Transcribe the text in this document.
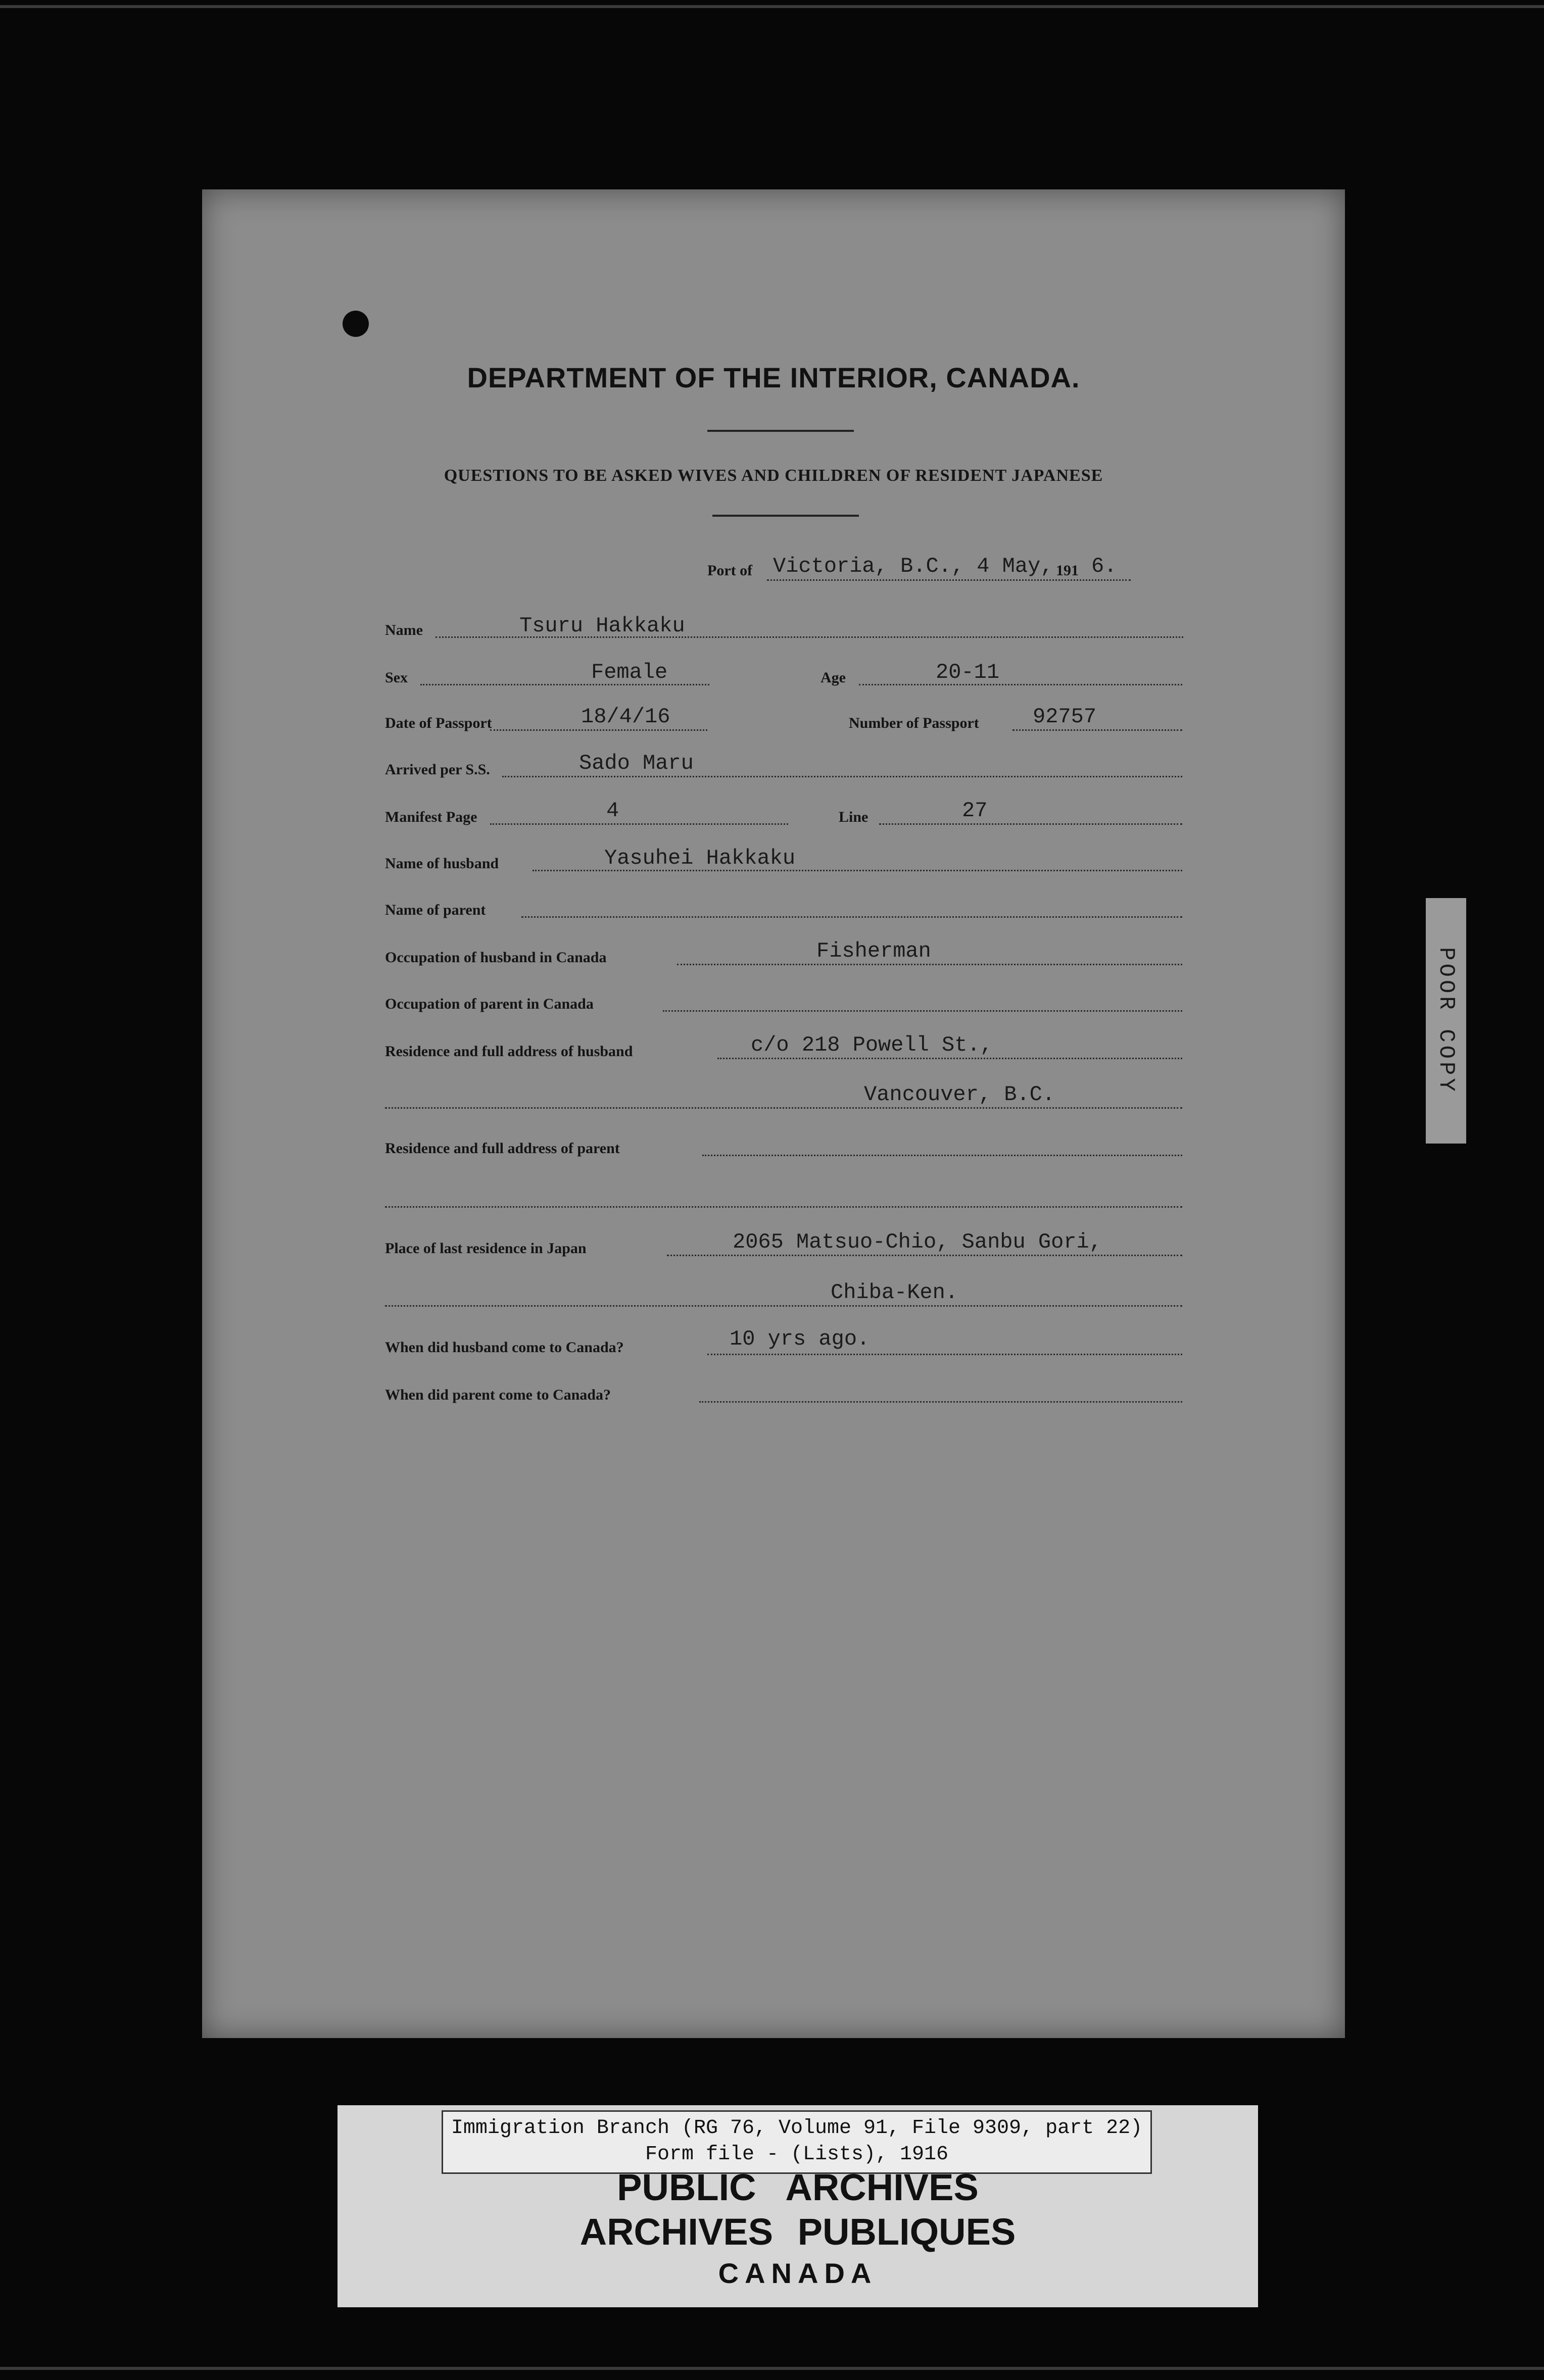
DEPARTMENT OF THE INTERIOR, CANADA.
QUESTIONS TO BE ASKED WIVES AND CHILDREN OF RESIDENT JAPANESE
Port of Victoria, B.C., 4 May, 191 6.
Name	Tsuru Hakkaku
Sex	Female	Age	20-11
Date of Passport	18/4/16	Number of Passport	92757
Arrived per S.S.	Sado Maru
Manifest Page	4	Line	27
Name of husband	Yasuhei Hakkaku
Name of parent
Occupation of husband in Canada	Fisherman
Occupation of parent in Canada
Residence and full address of husband	c/o 218 Powell St.,
Vancouver, B.C.
Residence and full address of parent
Place of last residence in Japan	2065 Matsuo-Chio, Sanbu Gori,
Chiba-Ken.
When did husband come to Canada?	10 yrs ago.
When did parent come to Canada?
POOR COPY
Immigration Branch (RG 76, Volume 91, File 9309, part 22)
Form file - (Lists), 1916
PUBLIC ARCHIVES
ARCHIVES PUBLIQUES
CANADA
